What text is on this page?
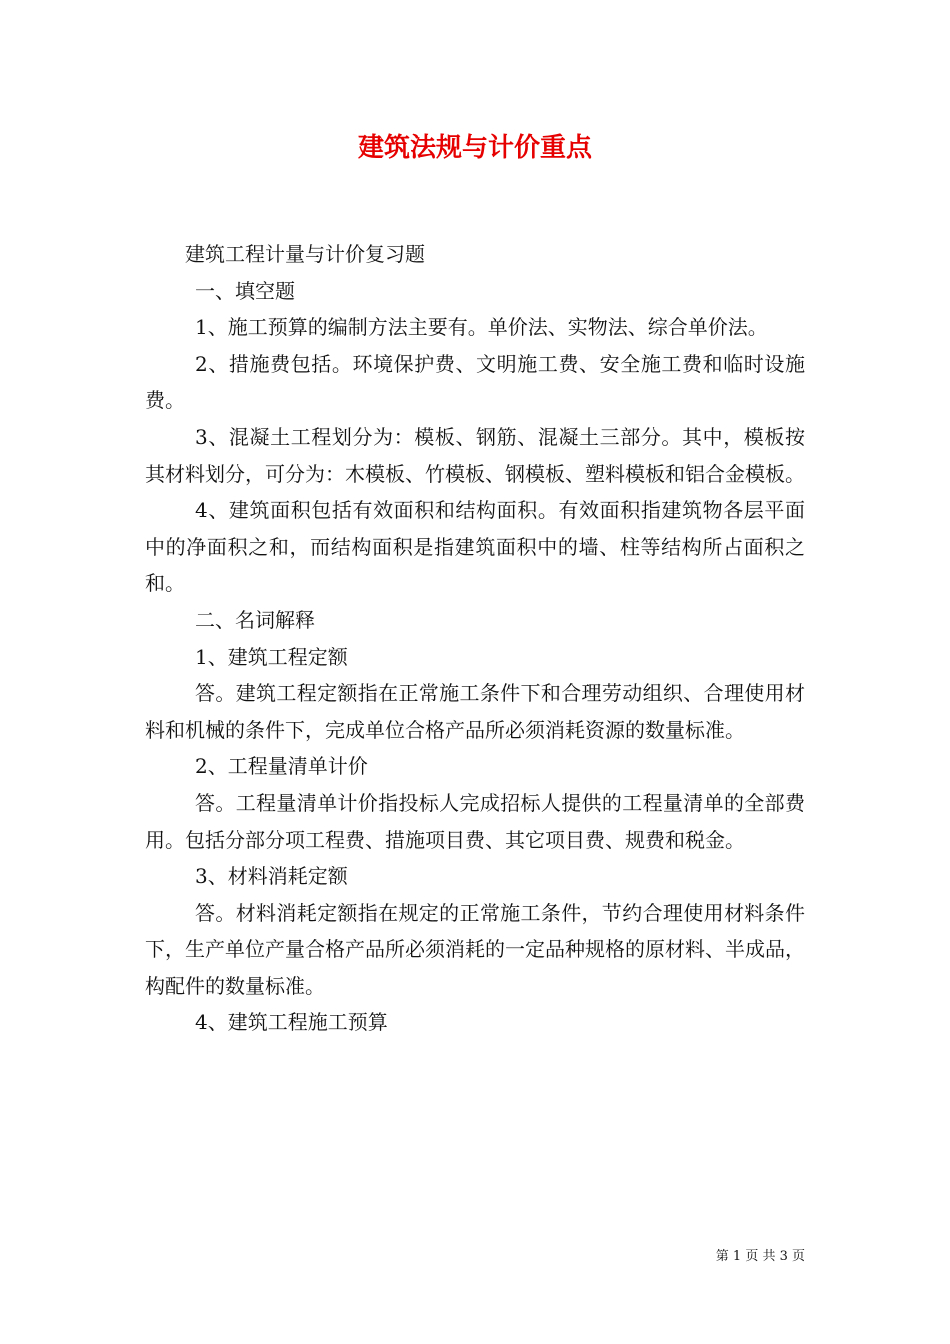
建筑法规与计价重点

建筑工程计量与计价复习题

一、填空题

1、施工预算的编制方法主要有。单价法、实物法、综合单价法。

2、措施费包括。环境保护费、文明施工费、安全施工费和临时设施费。

3、混凝土工程划分为：模板、钢筋、混凝土三部分。其中，模板按其材料划分，可分为：木模板、竹模板、钢模板、塑料模板和铝合金模板。

4、建筑面积包括有效面积和结构面积。有效面积指建筑物各层平面中的净面积之和，而结构面积是指建筑面积中的墙、柱等结构所占面积之和。

二、名词解释

1、建筑工程定额

答。建筑工程定额指在正常施工条件下和合理劳动组织、合理使用材料和机械的条件下，完成单位合格产品所必须消耗资源的数量标准。

2、工程量清单计价

答。工程量清单计价指投标人完成招标人提供的工程量清单的全部费用。包括分部分项工程费、措施项目费、其它项目费、规费和税金。

3、材料消耗定额

答。材料消耗定额指在规定的正常施工条件，节约合理使用材料条件下，生产单位产量合格产品所必须消耗的一定品种规格的原材料、半成品，构配件的数量标准。

4、建筑工程施工预算

第 1 页 共 3 页
